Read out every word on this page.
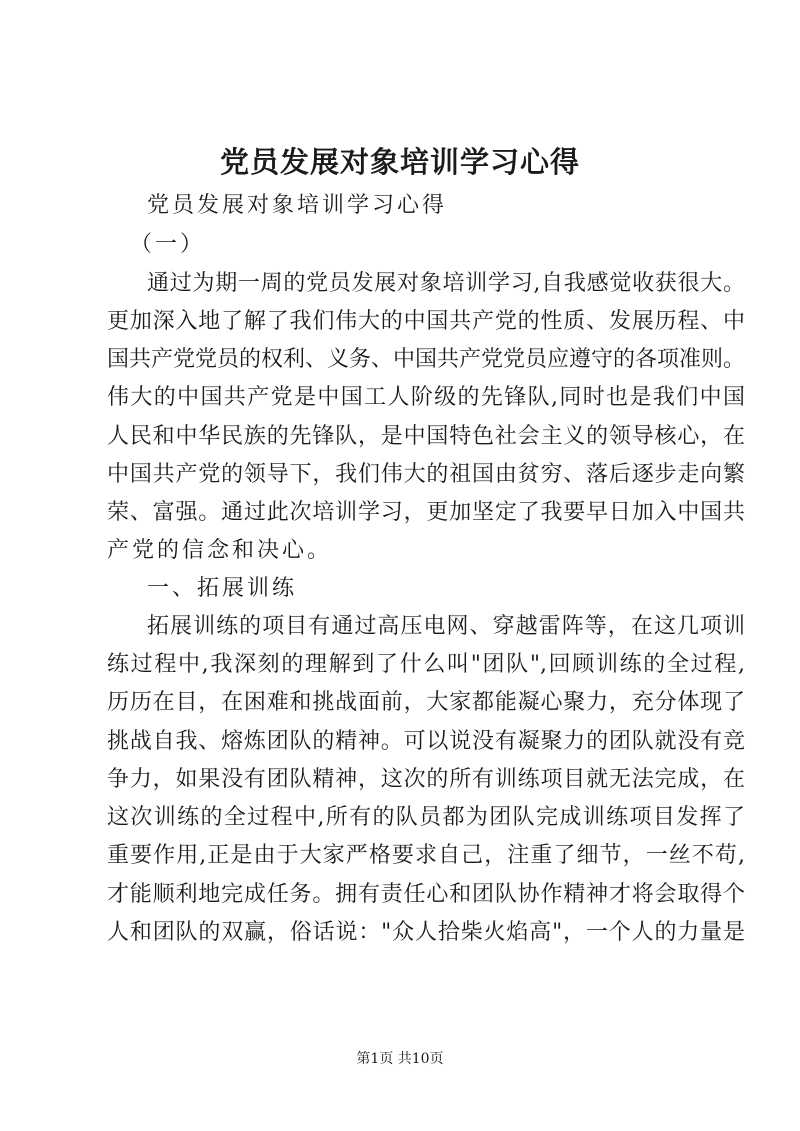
党员发展对象培训学习心得
党员发展对象培训学习心得
（一）
通过为期一周的党员发展对象培训学习,自我感觉收获很大。
更加深入地了解了我们伟大的中国共产党的性质、发展历程、中
国共产党党员的权利、义务、中国共产党党员应遵守的各项准则。
伟大的中国共产党是中国工人阶级的先锋队,同时也是我们中国
人民和中华民族的先锋队，是中国特色社会主义的领导核心，在
中国共产党的领导下，我们伟大的祖国由贫穷、落后逐步走向繁
荣、富强。通过此次培训学习，更加坚定了我要早日加入中国共
产党的信念和决心。
一、拓展训练
拓展训练的项目有通过高压电网、穿越雷阵等，在这几项训
练过程中,我深刻的理解到了什么叫"团队",回顾训练的全过程,
历历在目，在困难和挑战面前，大家都能凝心聚力，充分体现了
挑战自我、熔炼团队的精神。可以说没有凝聚力的团队就没有竞
争力，如果没有团队精神，这次的所有训练项目就无法完成，在
这次训练的全过程中,所有的队员都为团队完成训练项目发挥了
重要作用,正是由于大家严格要求自己，注重了细节，一丝不苟,
才能顺利地完成任务。拥有责任心和团队协作精神才将会取得个
人和团队的双赢，俗话说："众人拾柴火焰高"，一个人的力量是
第1页 共10页
